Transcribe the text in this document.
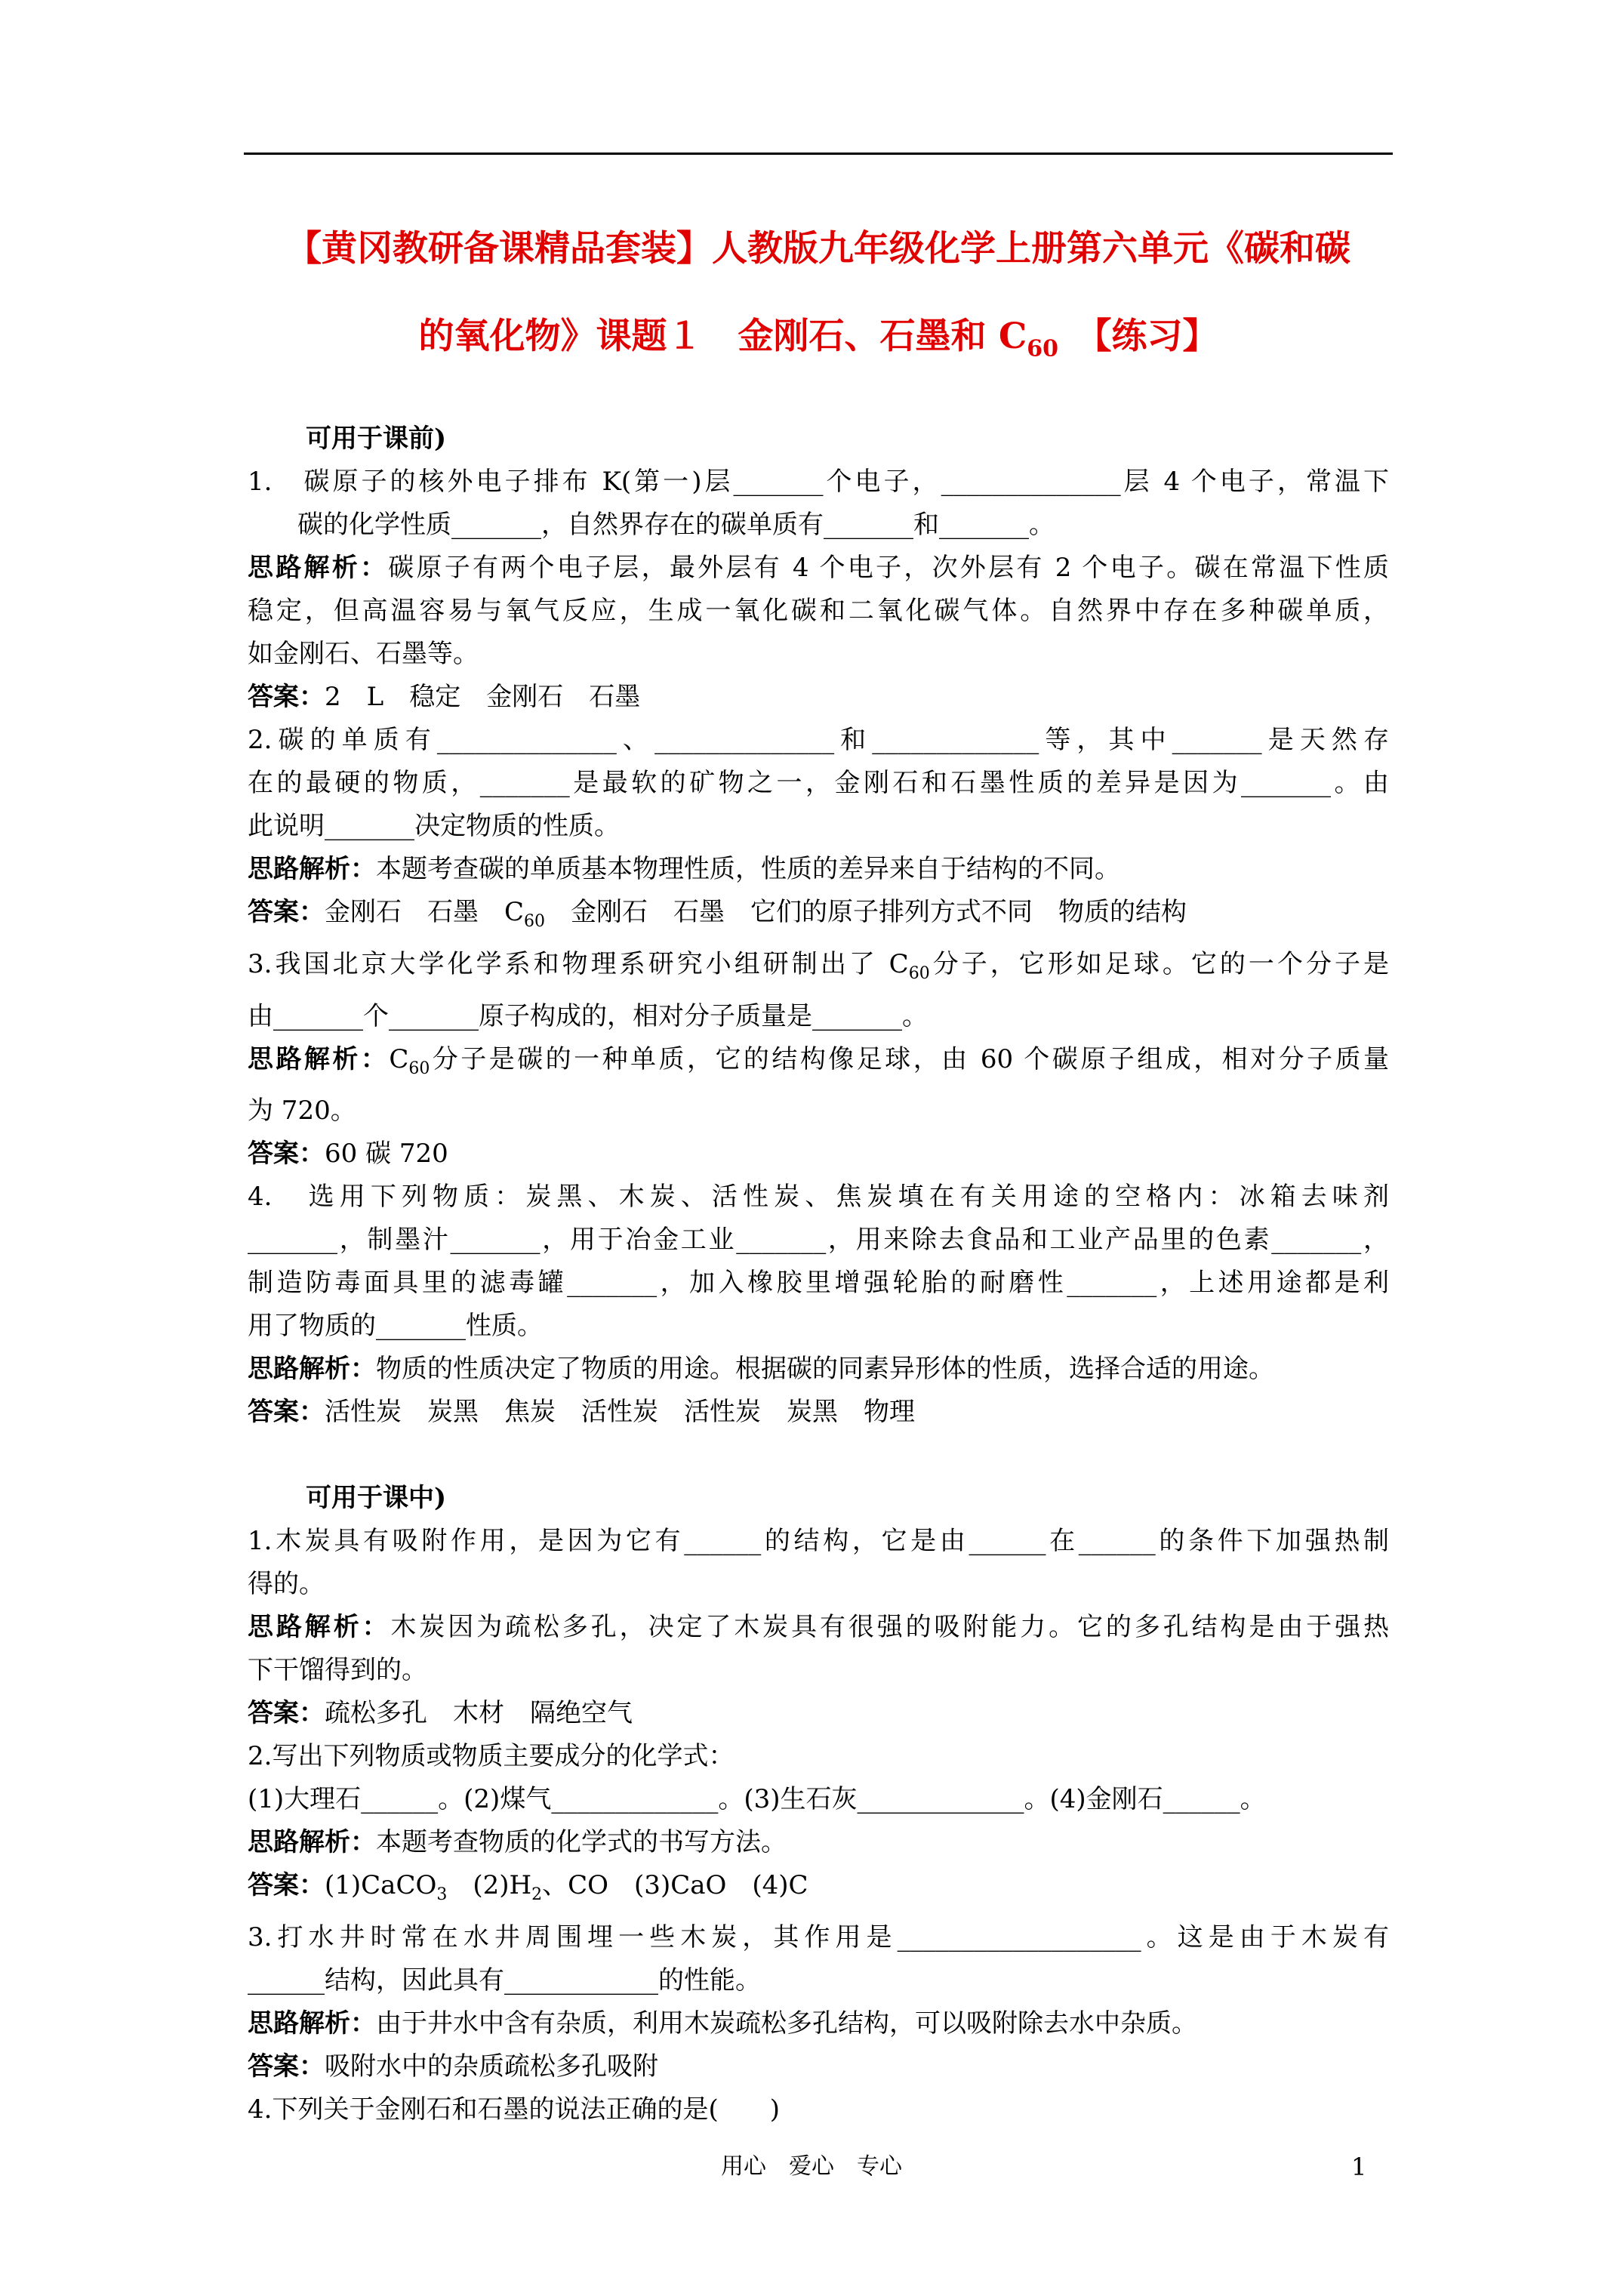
【黄冈教研备课精品套装】人教版九年级化学上册第六单元《碳和碳
的氧化物》课题１　金刚石、石墨和 $C_{60}$　【练习】
可用于课前)
1.　碳原子的核外电子排布 K(第一)层_______个电子，______________层 4 个电子，常温下
碳的化学性质_______，自然界存在的碳单质有_______和_______。
思路解析：碳原子有两个电子层，最外层有 4 个电子，次外层有 2 个电子。碳在常温下性质
稳定，但高温容易与氧气反应，生成一氧化碳和二氧化碳气体。自然界中存在多种碳单质，
如金刚石、石墨等。
答案：2　L　稳定　金刚石　石墨
2.碳的单质有______________、______________和_____________等，其中_______是天然存
在的最硬的物质，_______是最软的矿物之一，金刚石和石墨性质的差异是因为_______。由
此说明_______决定物质的性质。
思路解析：本题考查碳的单质基本物理性质，性质的差异来自于结构的不同。
答案：金刚石　石墨　$C_{60}$　金刚石　石墨　它们的原子排列方式不同　物质的结构
3.我国北京大学化学系和物理系研究小组研制出了 $C_{60}$分子，它形如足球。它的一个分子是
由_______个_______原子构成的，相对分子质量是_______。
思路解析：$C_{60}$分子是碳的一种单质，它的结构像足球，由 60 个碳原子组成，相对分子质量
为 720。
答案：60 碳 720
4.　选用下列物质：炭黑、木炭、活性炭、焦炭填在有关用途的空格内：冰箱去味剂
_______，制墨汁_______，用于冶金工业_______，用来除去食品和工业产品里的色素_______，
制造防毒面具里的滤毒罐_______，加入橡胶里增强轮胎的耐磨性_______，上述用途都是利
用了物质的_______性质。
思路解析：物质的性质决定了物质的用途。根据碳的同素异形体的性质，选择合适的用途。
答案：活性炭　炭黑　焦炭　活性炭　活性炭　炭黑　物理
可用于课中)
1.木炭具有吸附作用，是因为它有______的结构，它是由______在______的条件下加强热制
得的。
思路解析：木炭因为疏松多孔，决定了木炭具有很强的吸附能力。它的多孔结构是由于强热
下干馏得到的。
答案：疏松多孔　木材　隔绝空气
2.写出下列物质或物质主要成分的化学式：
(1)大理石______。(2)煤气_____________。(3)生石灰_____________。(4)金刚石______。
思路解析：本题考查物质的化学式的书写方法。
答案：(1)CaCO$_3$　$(2)H_2$、CO　(3)CaO　(4)C
3.打水井时常在水井周围埋一些木炭，其作用是___________________。这是由于木炭有
______结构，因此具有____________的性能。
思路解析：由于井水中含有杂质，利用木炭疏松多孔结构，可以吸附除去水中杂质。
答案：吸附水中的杂质疏松多孔吸附
4.下列关于金刚石和石墨的说法正确的是(　　)
用心　爱心　专心	1
